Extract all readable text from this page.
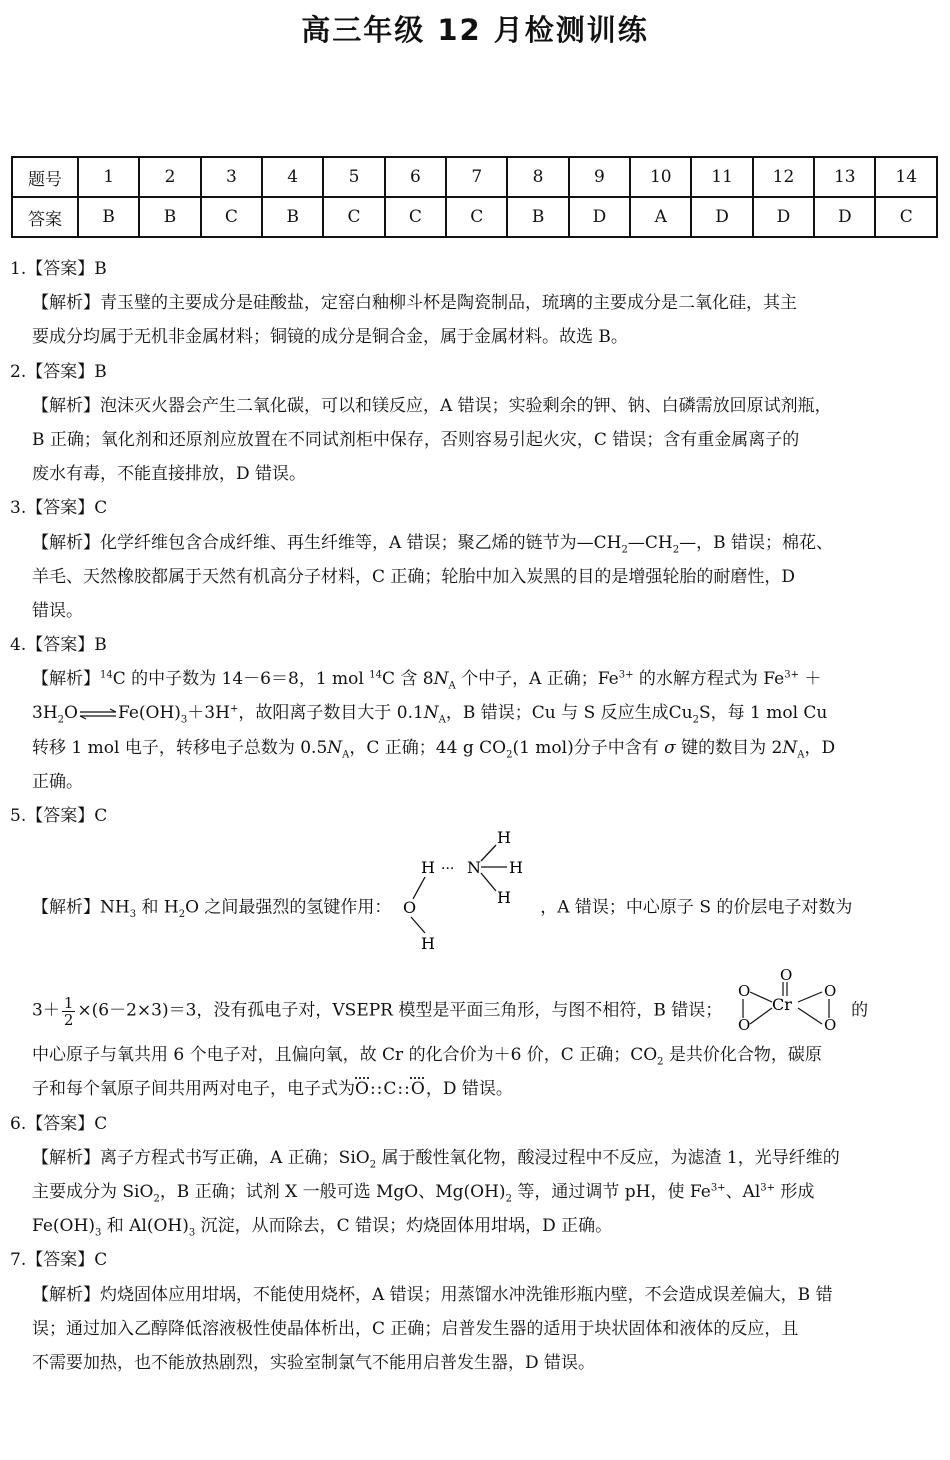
高三年级 12 月检测训练
题号	1	2	3	4	5	6	7	8	9	10	11	12	13	14
答案	B	B	C	B	C	C	C	B	D	A	D	D	D	C
1.【答案】B
【解析】青玉璧的主要成分是硅酸盐，定窑白釉柳斗杯是陶瓷制品，琉璃的主要成分是二氧化硅，其主
要成分均属于无机非金属材料；铜镜的成分是铜合金，属于金属材料。故选 B。
2.【答案】B
【解析】泡沫灭火器会产生二氧化碳，可以和镁反应，A 错误；实验剩余的钾、钠、白磷需放回原试剂瓶，
B 正确；氧化剂和还原剂应放置在不同试剂柜中保存，否则容易引起火灾，C 错误；含有重金属离子的
废水有毒，不能直接排放，D 错误。
3.【答案】C
【解析】化学纤维包含合成纤维、再生纤维等，A 错误；聚乙烯的链节为$—CH_2—CH_2—$，B 错误；棉花、
羊毛、天然橡胶都属于天然有机高分子材料，C 正确；轮胎中加入炭黑的目的是增强轮胎的耐磨性，D
错误。
4.【答案】B
【解析】$^{14}$C 的中子数为 14－6＝8，1 mol $^{14}$C 含 $8N_A$ 个中子，A 正确；$Fe^{3+}$ 的水解方程式为 $Fe^{3+}$ ＋
$3H_2O\rightleftharpoons Fe(OH)_3+3H^+$，故阳离子数目大于 $0.1N_A$，B 错误；Cu 与 S 反应生成$Cu_2S$，每 1 mol Cu
转移 1 mol 电子，转移电子总数为 $0.5N_A$，C 正确；44 g $CO_2(1$ mol)分子中含有 σ 键的数目为 $2N_A$，D
正确。
5.【答案】C
【解析】$NH_3$ 和 $H_2O$ 之间最强烈的氢键作用：
H
H ··· N H
H
O
H
，A 错误；中心原子 S 的价层电子对数为
$3+ \frac{1}{2} \times(6-2\times 3)=3$，没有孤电子对，VSEPR 模型是平面三角形，与图不相符，B 错误；
O
Cr
O
O
O
O
的
中心原子与氧共用 6 个电子对，且偏向氧，故 Cr 的化合价为＋6 价，C 正确；$CO_2$ 是共价化合物，碳原
子和每个氧原子间共用两对电子，电子式为O::C::O，D 错误。
6.【答案】C
【解析】离子方程式书写正确，A 正确；SiO$_2$ 属于酸性氧化物，酸浸过程中不反应，为滤渣 1，光导纤维的
主要成分为 SiO$_2$，B 正确；试剂 X 一般可选 MgO、$Mg(OH)_2$ 等，通过调节 pH，使 $Fe^{3+}$、$Al^{3+}$ 形成
$Fe(OH)_3$ 和 $Al(OH)_3$ 沉淀，从而除去，C 错误；灼烧固体用坩埚，D 正确。
7.【答案】C
【解析】灼烧固体应用坩埚，不能使用烧杯，A 错误；用蒸馏水冲洗锥形瓶内壁，不会造成误差偏大，B 错
误；通过加入乙醇降低溶液极性使晶体析出，C 正确；启普发生器的适用于块状固体和液体的反应，且
不需要加热，也不能放热剧烈，实验室制氯气不能用启普发生器，D 错误。
